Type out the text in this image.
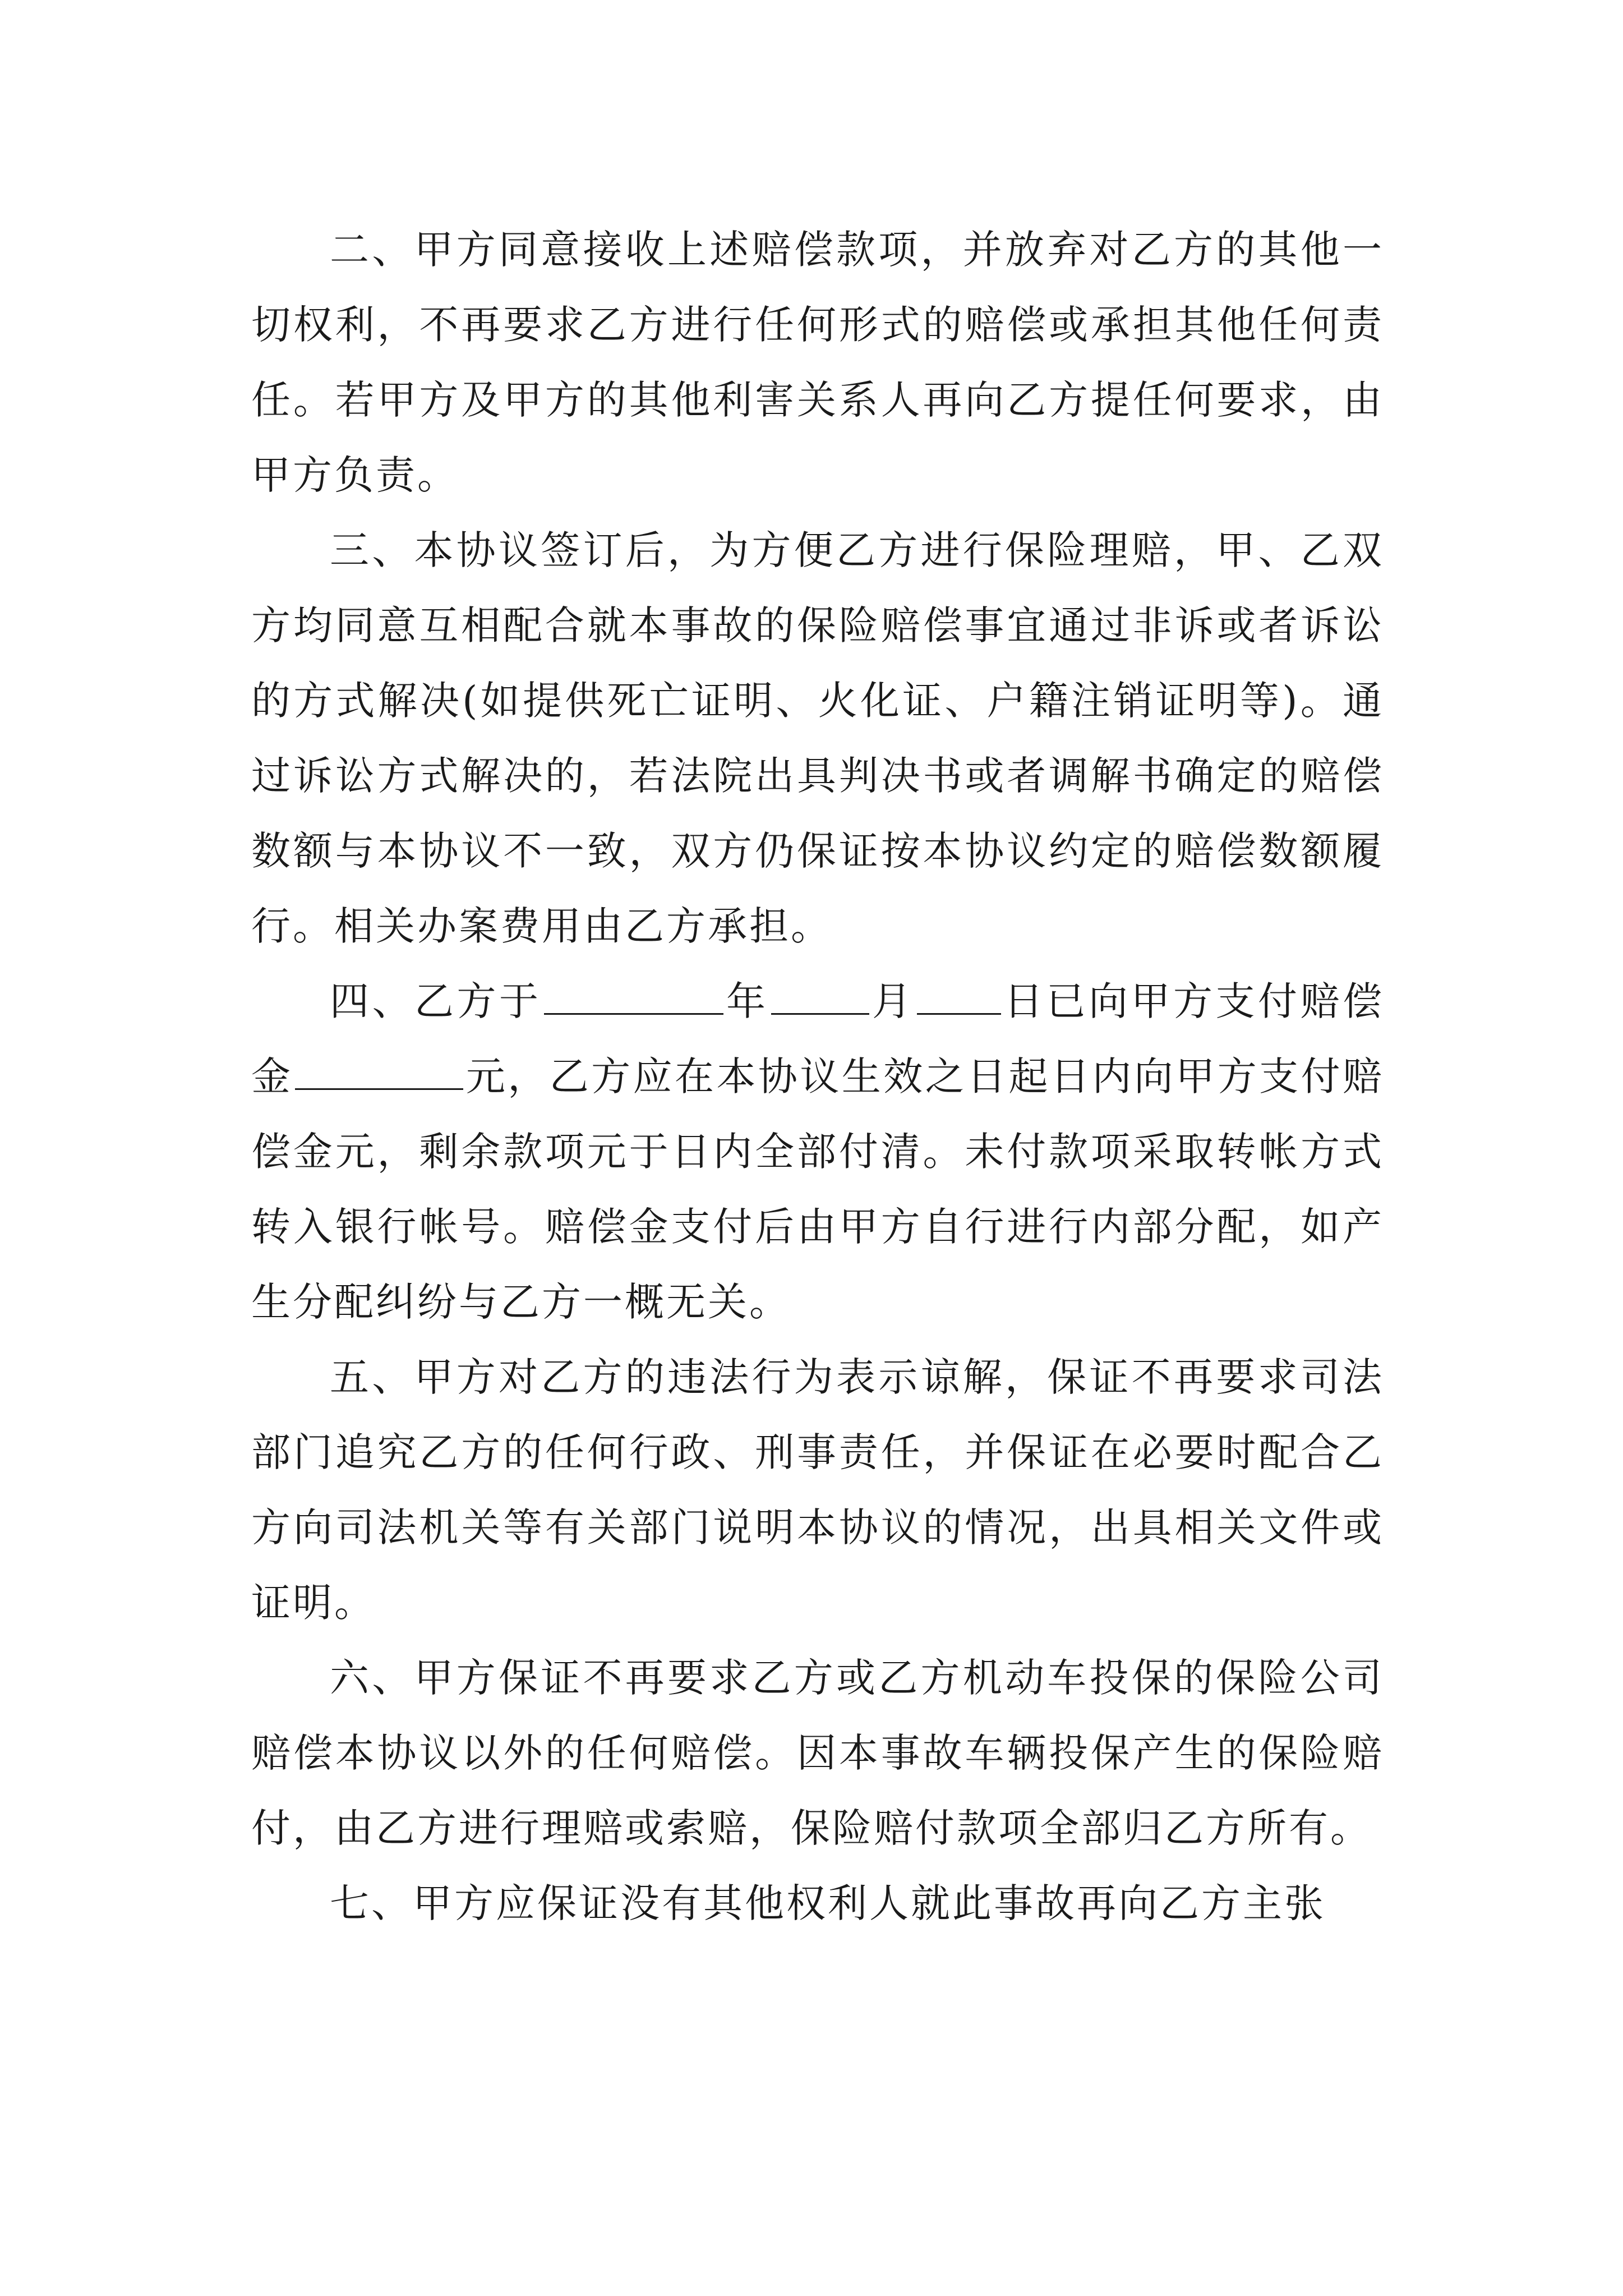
二、甲方同意接收上述赔偿款项，并放弃对乙方的其他一切权利，不再要求乙方进行任何形式的赔偿或承担其他任何责任。若甲方及甲方的其他利害关系人再向乙方提任何要求，由甲方负责。

三、本协议签订后，为方便乙方进行保险理赔，甲、乙双方均同意互相配合就本事故的保险赔偿事宜通过非诉或者诉讼的方式解决(如提供死亡证明、火化证、户籍注销证明等)。通过诉讼方式解决的，若法院出具判决书或者调解书确定的赔偿数额与本协议不一致，双方仍保证按本协议约定的赔偿数额履行。相关办案费用由乙方承担。

四、乙方于	年	月 日已向甲方支付赔偿金	元，乙方应在本协议生效之日起日内向甲方支付赔偿金元，剩余款项元于日内全部付清。未付款项采取转帐方式转入银行帐号。赔偿金支付后由甲方自行进行内部分配，如产生分配纠纷与乙方一概无关。

五、甲方对乙方的违法行为表示谅解，保证不再要求司法部门追究乙方的任何行政、刑事责任，并保证在必要时配合乙方向司法机关等有关部门说明本协议的情况，出具相关文件或证明。

六、甲方保证不再要求乙方或乙方机动车投保的保险公司赔偿本协议以外的任何赔偿。因本事故车辆投保产生的保险赔付，由乙方进行理赔或索赔，保险赔付款项全部归乙方所有。

七、甲方应保证没有其他权利人就此事故再向乙方主张
